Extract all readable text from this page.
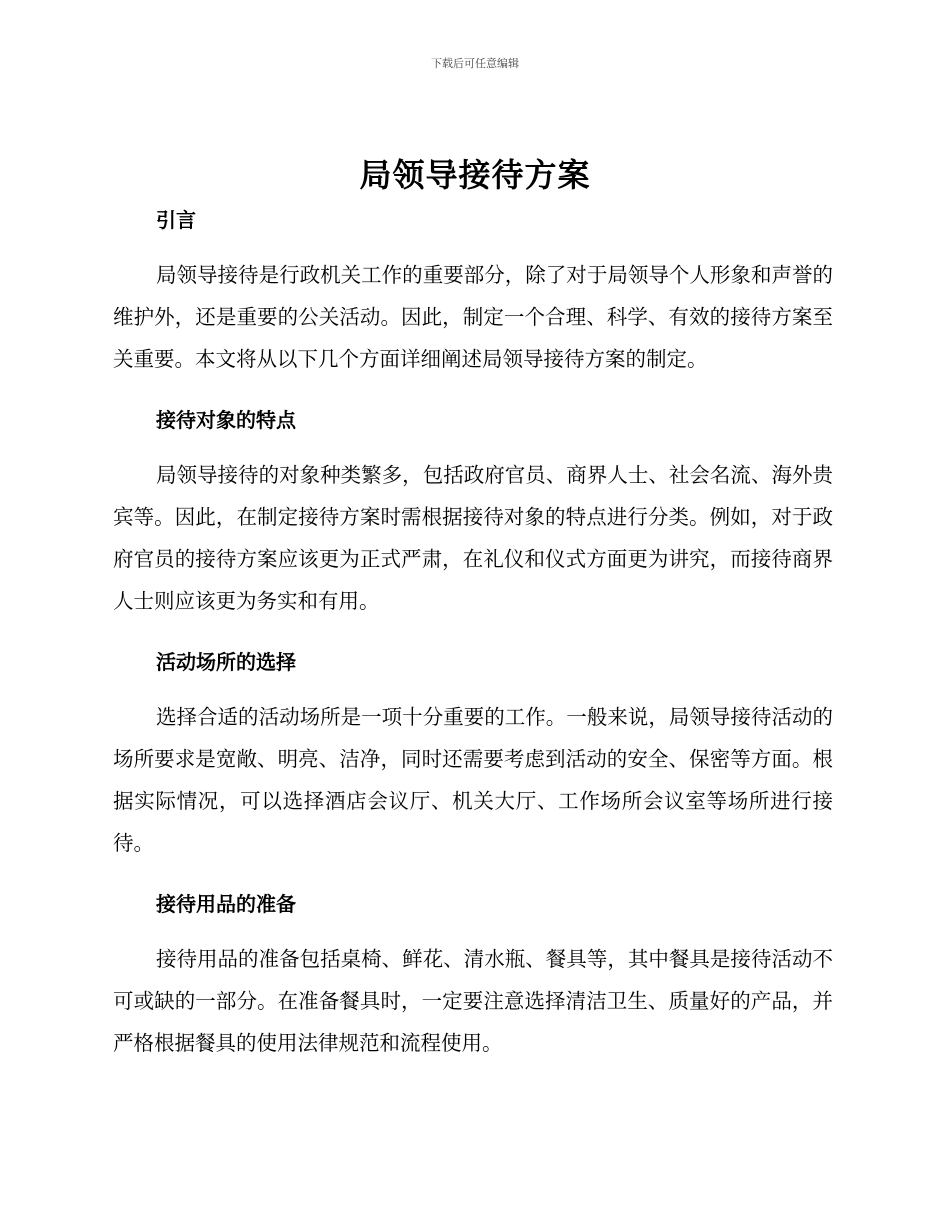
下载后可任意编辑
局领导接待方案
引言

局领导接待是行政机关工作的重要部分，除了对于局领导个人形象和声誉的维护外，还是重要的公关活动。因此，制定一个合理、科学、有效的接待方案至关重要。本文将从以下几个方面详细阐述局领导接待方案的制定。

接待对象的特点

局领导接待的对象种类繁多，包括政府官员、商界人士、社会名流、海外贵宾等。因此，在制定接待方案时需根据接待对象的特点进行分类。例如，对于政府官员的接待方案应该更为正式严肃，在礼仪和仪式方面更为讲究，而接待商界人士则应该更为务实和有用。

活动场所的选择

选择合适的活动场所是一项十分重要的工作。一般来说，局领导接待活动的场所要求是宽敞、明亮、洁净，同时还需要考虑到活动的安全、保密等方面。根据实际情况，可以选择酒店会议厅、机关大厅、工作场所会议室等场所进行接待。

接待用品的准备

接待用品的准备包括桌椅、鲜花、清水瓶、餐具等，其中餐具是接待活动不可或缺的一部分。在准备餐具时，一定要注意选择清洁卫生、质量好的产品，并严格根据餐具的使用法律规范和流程使用。
